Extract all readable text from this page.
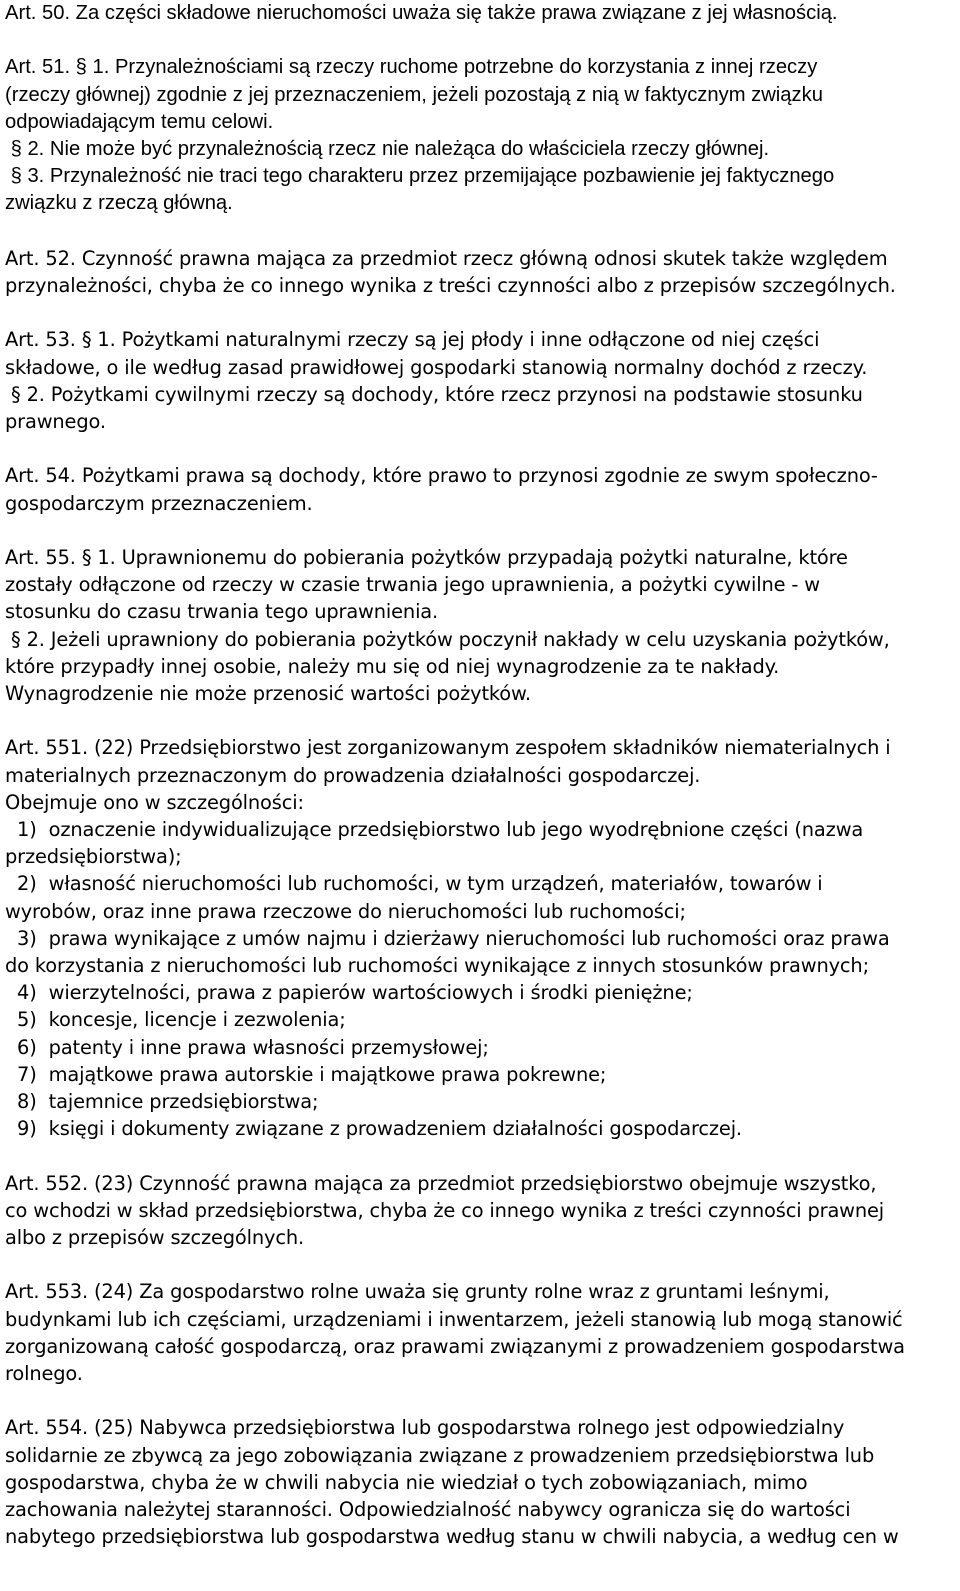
Art. 50. Za części składowe nieruchomości uważa się także prawa związane z jej własnością.

Art. 51. § 1. Przynależnościami są rzeczy ruchome potrzebne do korzystania z innej rzeczy

(rzeczy głównej) zgodnie z jej przeznaczeniem, jeżeli pozostają z nią w faktycznym związku

odpowiadającym temu celowi.

§ 2. Nie może być przynależnością rzecz nie należąca do właściciela rzeczy głównej.

§ 3. Przynależność nie traci tego charakteru przez przemijające pozbawienie jej faktycznego

związku z rzeczą główną.

Art. 52. Czynność prawna mająca za przedmiot rzecz główną odnosi skutek także względem

przynależności, chyba że co innego wynika z treści czynności albo z przepisów szczególnych.

Art. 53. § 1. Pożytkami naturalnymi rzeczy są jej płody i inne odłączone od niej części

składowe, o ile według zasad prawidłowej gospodarki stanowią normalny dochód z rzeczy.

§ 2. Pożytkami cywilnymi rzeczy są dochody, które rzecz przynosi na podstawie stosunku

prawnego.

Art. 54. Pożytkami prawa są dochody, które prawo to przynosi zgodnie ze swym społeczno-

gospodarczym przeznaczeniem.

Art. 55. § 1. Uprawnionemu do pobierania pożytków przypadają pożytki naturalne, które

zostały odłączone od rzeczy w czasie trwania jego uprawnienia, a pożytki cywilne - w

stosunku do czasu trwania tego uprawnienia.

§ 2. Jeżeli uprawniony do pobierania pożytków poczynił nakłady w celu uzyskania pożytków,

które przypadły innej osobie, należy mu się od niej wynagrodzenie za te nakłady.

Wynagrodzenie nie może przenosić wartości pożytków.

Art. 551. (22) Przedsiębiorstwo jest zorganizowanym zespołem składników niematerialnych i

materialnych przeznaczonym do prowadzenia działalności gospodarczej.

Obejmuje ono w szczególności:

1)  oznaczenie indywidualizujące przedsiębiorstwo lub jego wyodrębnione części (nazwa

przedsiębiorstwa);

2)  własność nieruchomości lub ruchomości, w tym urządzeń, materiałów, towarów i

wyrobów, oraz inne prawa rzeczowe do nieruchomości lub ruchomości;

3)  prawa wynikające z umów najmu i dzierżawy nieruchomości lub ruchomości oraz prawa

do korzystania z nieruchomości lub ruchomości wynikające z innych stosunków prawnych;

4)  wierzytelności, prawa z papierów wartościowych i środki pieniężne;

5)  koncesje, licencje i zezwolenia;

6)  patenty i inne prawa własności przemysłowej;

7)  majątkowe prawa autorskie i majątkowe prawa pokrewne;

8)  tajemnice przedsiębiorstwa;

9)  księgi i dokumenty związane z prowadzeniem działalności gospodarczej.

Art. 552. (23) Czynność prawna mająca za przedmiot przedsiębiorstwo obejmuje wszystko,

co wchodzi w skład przedsiębiorstwa, chyba że co innego wynika z treści czynności prawnej

albo z przepisów szczególnych.

Art. 553. (24) Za gospodarstwo rolne uważa się grunty rolne wraz z gruntami leśnymi,

budynkami lub ich częściami, urządzeniami i inwentarzem, jeżeli stanowią lub mogą stanowić

zorganizowaną całość gospodarczą, oraz prawami związanymi z prowadzeniem gospodarstwa

rolnego.

Art. 554. (25) Nabywca przedsiębiorstwa lub gospodarstwa rolnego jest odpowiedzialny

solidarnie ze zbywcą za jego zobowiązania związane z prowadzeniem przedsiębiorstwa lub

gospodarstwa, chyba że w chwili nabycia nie wiedział o tych zobowiązaniach, mimo

zachowania należytej staranności. Odpowiedzialność nabywcy ogranicza się do wartości

nabytego przedsiębiorstwa lub gospodarstwa według stanu w chwili nabycia, a według cen w
